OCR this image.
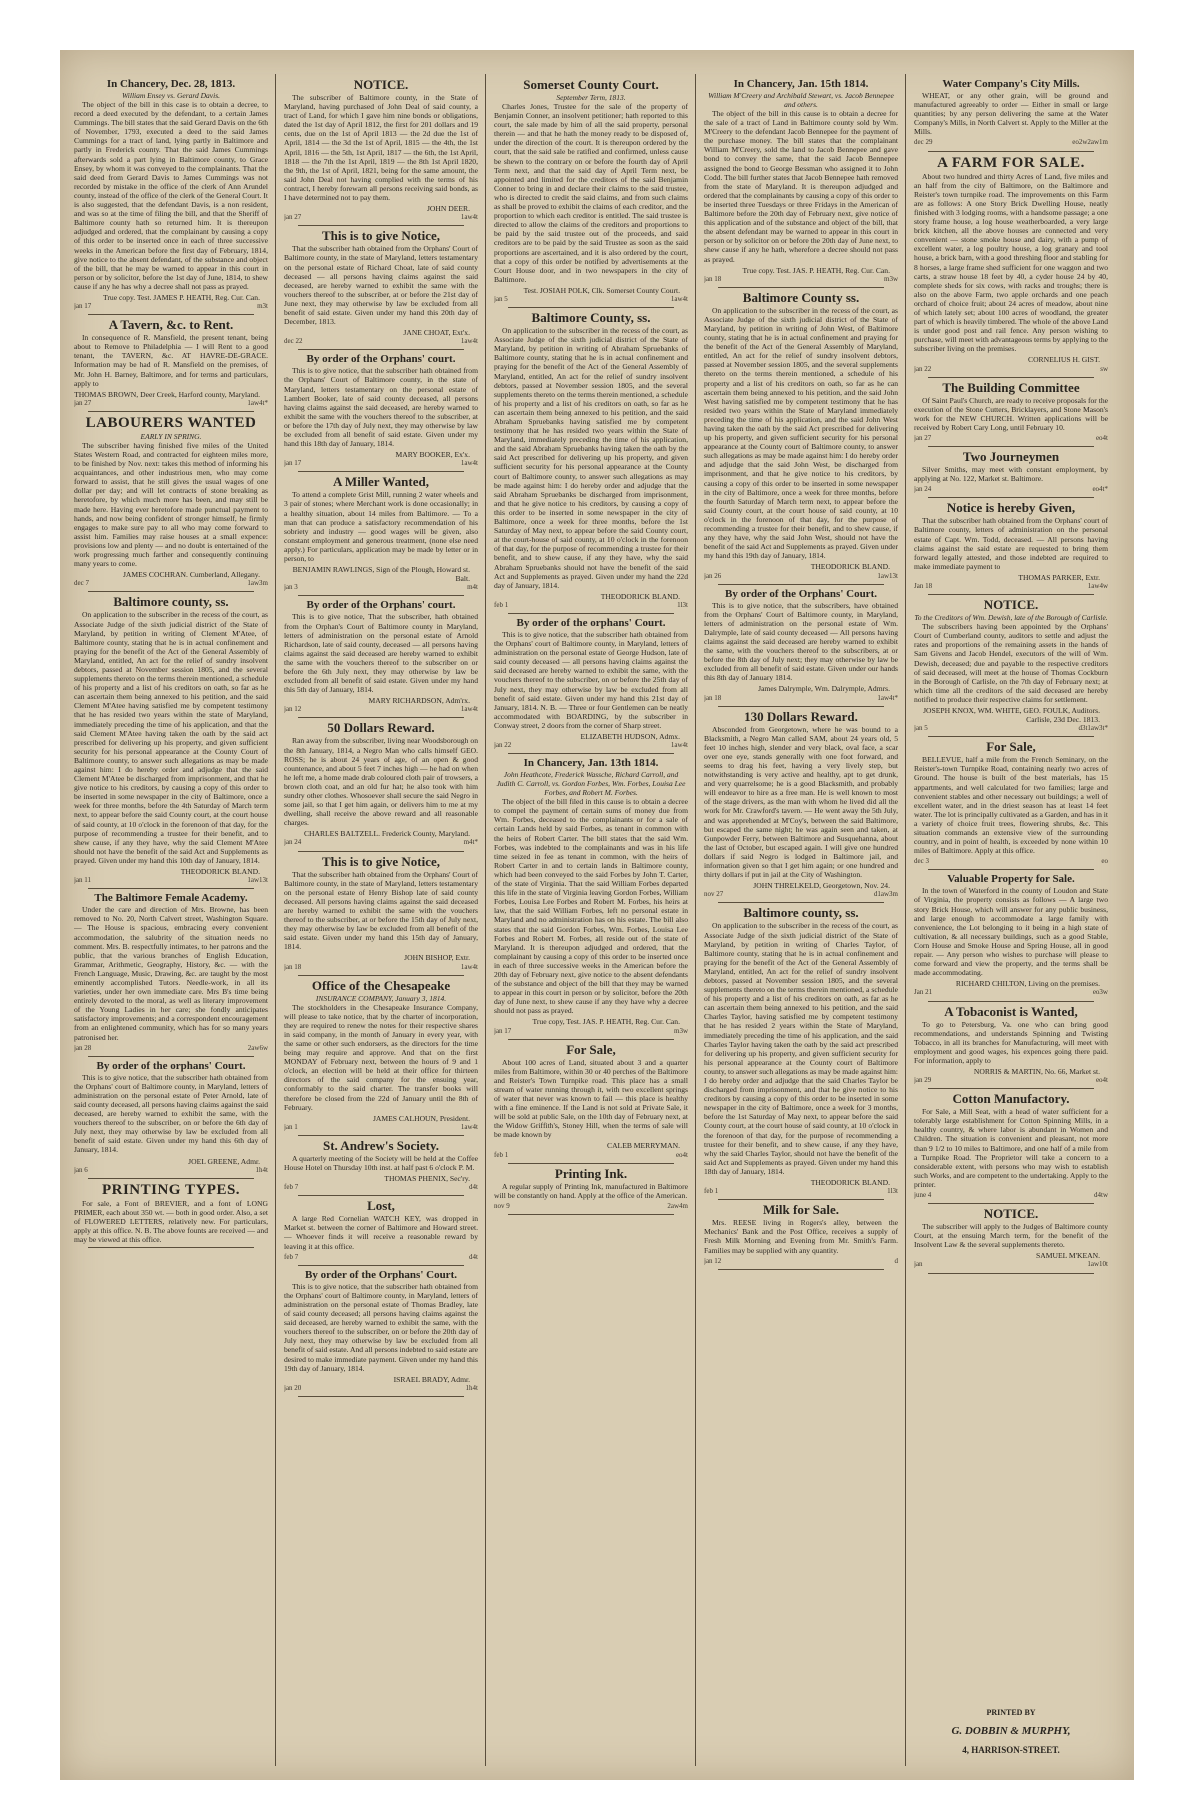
In Chancery, Dec. 28, 1813.
William Ensey vs. Gerard Davis.

The object of the bill in this case is to obtain a decree, to record a deed executed by the defendant, to a certain James Cummings. The bill states that the said Gerard Davis on the 6th of November, 1793, executed a deed to the said James Cummings for a tract of land, lying partly in Baltimore and partly in Frederick county. That the said James Cummings afterwards sold a part lying in Baltimore county, to Grace Ensey, by whom it was conveyed to the complainants. That the said deed from Gerard Davis to James Cummings was not recorded by mistake in the office of the clerk of Ann Arundel county, instead of the office of the clerk of the General Court. It is also suggested, that the defendant Davis, is a non resident, and was so at the time of filing the bill, and that the Sheriff of Baltimore county hath so returned him. It is thereupon adjudged and ordered, that the complainant by causing a copy of this order to be inserted once in each of three successive weeks in the American before the first day of February, 1814, give notice to the absent defendant, of the substance and object of the bill, that he may be warned to appear in this court in person or by solicitor, before the 1st day of June, 1814, to shew cause if any he has why a decree shall not pass as prayed.

True copy. Test. JAMES P. HEATH, Reg. Cur. Can.
jan 17	m3t
A Tavern, &c. to Rent.

In consequence of R. Mansfield, the present tenant, being about to Remove to Philadelphia — I will Rent to a good tenant, the TAVERN, &c. AT HAVRE-DE-GRACE. Information may be had of R. Mansfield on the premises, of Mr. John H. Barney, Baltimore, and for terms and particulars, apply to

THOMAS BROWN, Deer Creek, Harford county, Maryland.
jan 27	1aw4t*
LABOURERS WANTED
EARLY IN SPRING.

The subscriber having finished five miles of the United States Western Road, and contracted for eighteen miles more, to be finished by Nov. next: takes this method of informing his acquaintances, and other industrious men, who may come forward to assist, that he still gives the usual wages of one dollar per day; and will let contracts of stone breaking as heretofore, by which much more has been, and may still be made here. Having ever heretofore made punctual payment to hands, and now being confident of stronger himself, he firmly engages to make sure pay to all who may come forward to assist him. Families may raise houses at a small expence: provisions low and plenty — and no doubt is entertained of the work progressing much farther and consequently continuing many years to come.

JAMES COCHRAN. Cumberland, Allegany.
dec 7	1aw3m
Baltimore county, ss.

On application to the subscriber in the recess of the court, as Associate Judge of the sixth judicial district of the State of Maryland, by petition in writing of Clement M'Atee, of Baltimore county, stating that he is in actual confinement and praying for the benefit of the Act of the General Assembly of Maryland, entitled, An act for the relief of sundry insolvent debtors, passed at November session 1805, and the several supplements thereto on the terms therein mentioned, a schedule of his property and a list of his creditors on oath, so far as he can ascertain them being annexed to his petition, and the said Clement M'Atee having satisfied me by competent testimony that he has resided two years within the state of Maryland, immediately preceding the time of his application, and that the said Clement M'Atee having taken the oath by the said act prescribed for delivering up his property, and given sufficient security for his personal appearance at the County Court of Baltimore county, to answer such allegations as may be made against him: I do hereby order and adjudge that the said Clement M'Atee be discharged from imprisonment, and that he give notice to his creditors, by causing a copy of this order to be inserted in some newspaper in the city of Baltimore, once a week for three months, before the 4th Saturday of March term next, to appear before the said County court, at the court house of said county, at 10 o'clock in the forenoon of that day, for the purpose of recommending a trustee for their benefit, and to shew cause, if any they have, why the said Clement M'Atee should not have the benefit of the said Act and Supplements as prayed. Given under my hand this 10th day of January, 1814.

THEODORICK BLAND.
jan 11	1aw13t
The Baltimore Female Academy.

Under the care and direction of Mrs. Browne, has been removed to No. 20, North Calvert street, Washington Square. — The House is spacious, embracing every convenient accommodation, the salubrity of the situation needs no comment. Mrs. B. respectfully intimates, to her patrons and the public, that the various branches of English Education, Grammar, Arithmetic, Geography, History, &c. — with the French Language, Music, Drawing, &c. are taught by the most eminently accomplished Tutors. Needle-work, in all its varieties, under her own immediate care. Mrs B's time being entirely devoted to the moral, as well as literary improvement of the Young Ladies in her care; she fondly anticipates satisfactory improvements; and a correspondent encouragement from an enlightened community, which has for so many years patronised her.

jan 28	2aw6w
By order of the orphans' Court.

This is to give notice, that the subscriber hath obtained from the Orphans' court of Baltimore county, in Maryland, letters of administration on the personal estate of Peter Arnold, late of said county deceased, all persons having claims against the said deceased, are hereby warned to exhibit the same, with the vouchers thereof to the subscriber, on or before the 6th day of July next, they may otherwise by law be excluded from all benefit of said estate. Given under my hand this 6th day of January, 1814.

JOEL GREENE, Admr.
jan 6	1h4t
PRINTING TYPES.

For sale, a Font of BREVIER, and a font of LONG PRIMER, each about 350 wt. — both in good order. Also, a set of FLOWERED LETTERS, relatively new. For particulars, apply at this office. N. B. The above founts are received — and may be viewed at this office.

NOTICE.

The subscriber of Baltimore county, in the State of Maryland, having purchased of John Deal of said county, a tract of Land, for which I gave him nine bonds or obligations, dated the 1st day of April 1812, the first for 201 dollars and 19 cents, due on the 1st of April 1813 — the 2d due the 1st of April, 1814 — the 3d the 1st of April, 1815 — the 4th, the 1st April, 1816 — the 5th, 1st April, 1817 — the 6th, the 1st April, 1818 — the 7th the 1st April, 1819 — the 8th 1st April 1820, the 9th, the 1st of April, 1821, being for the same amount, the said John Deal not having complied with the terms of his contract, I hereby forewarn all persons receiving said bonds, as I have determined not to pay them.

JOHN DEER.
jan 27	1aw4t
This is to give Notice,

That the subscriber hath obtained from the Orphans' Court of Baltimore county, in the state of Maryland, letters testamentary on the personal estate of Richard Choat, late of said county deceased — all persons having claims against the said deceased, are hereby warned to exhibit the same with the vouchers thereof to the subscriber, at or before the 21st day of June next, they may otherwise by law be excluded from all benefit of said estate. Given under my hand this 20th day of December, 1813.

JANE CHOAT, Ext'x.
dec 22	1aw4t
By order of the Orphans' court.

This is to give notice, that the subscriber hath obtained from the Orphans' Court of Baltimore county, in the state of Maryland, letters testamentary on the personal estate of Lambert Booker, late of said county deceased, all persons having claims against the said deceased, are hereby warned to exhibit the same with the vouchers thereof to the subscriber, at or before the 17th day of July next, they may otherwise by law be excluded from all benefit of said estate. Given under my hand this 18th day of January, 1814.

MARY BOOKER, Ex'x.
jan 17	1aw4t
A Miller Wanted,

To attend a complete Grist Mill, running 2 water wheels and 3 pair of stones; where Merchant work is done occasionally; in a healthy situation, about 14 miles from Baltimore. — To a man that can produce a satisfactory recommendation of his sobriety and industry — good wages will be given, also constant employment and generous treatment, (none else need apply.) For particulars, application may be made by letter or in person, to

BENJAMIN RAWLINGS, Sign of the Plough, Howard st. Balt.
jan 3	m4t
By order of the Orphans' court.

This is to give notice, That the subscriber, hath obtained from the Orphan's Court of Baltimore county in Maryland, letters of administration on the personal estate of Arnold Richardson, late of said county, deceased — all persons having claims against the said deceased are hereby warned to exhibit the same with the vouchers thereof to the subscriber on or before the 6th July next, they may otherwise by law be excluded from all benefit of said estate. Given under my hand this 5th day of January, 1814.

MARY RICHARDSON, Adm'rx.
jan 12	1aw4t
50 Dollars Reward.

Ran away from the subscriber, living near Woodsborough on the 8th January, 1814, a Negro Man who calls himself GEO. ROSS; he is about 24 years of age, of an open & good countenance, and about 5 feet 7 inches high — he had on when he left me, a home made drab coloured cloth pair of trowsers, a brown cloth coat, and an old fur hat; he also took with him sundry other clothes. Whosoever shall secure the said Negro in some jail, so that I get him again, or delivers him to me at my dwelling, shall receive the above reward and all reasonable charges.

CHARLES BALTZELL. Frederick County, Maryland.
jan 24	m4t*
This is to give Notice,

That the subscriber hath obtained from the Orphans' Court of Baltimore county, in the state of Maryland, letters testamentary on the personal estate of Henry Bishop late of said county deceased. All persons having claims against the said deceased are hereby warned to exhibit the same with the vouchers thereof to the subscriber, at or before the 15th day of July next, they may otherwise by law be excluded from all benefit of the said estate. Given under my hand this 15th day of January, 1814.

JOHN BISHOP, Extr.
jan 18	1aw4t
Office of the Chesapeake
INSURANCE COMPANY, January 3, 1814.

The stockholders in the Chesapeake Insurance Company, will please to take notice, that by the charter of incorporation, they are required to renew the notes for their respective shares in said company, in the month of January in every year, with the same or other such endorsers, as the directors for the time being may require and approve. And that on the first MONDAY of February next, between the hours of 9 and 1 o'clock, an election will be held at their office for thirteen directors of the said company for the ensuing year, conformably to the said charter. The transfer books will therefore be closed from the 22d of January until the 8th of February.

JAMES CALHOUN, President.
jan 1	1aw4t
St. Andrew's Society.

A quarterly meeting of the Society will be held at the Coffee House Hotel on Thursday 10th inst. at half past 6 o'clock P. M.

THOMAS PHENIX, Sec'ry.
feb 7	d4t
Lost,

A large Red Cornelian WATCH KEY, was dropped in Market st. between the corner of Baltimore and Howard street. — Whoever finds it will receive a reasonable reward by leaving it at this office.

feb 7	d4t
By order of the Orphans' Court.

This is to give notice, that the subscriber hath obtained from the Orphans' court of Baltimore county, in Maryland, letters of administration on the personal estate of Thomas Bradley, late of said county deceased; all persons having claims against the said deceased, are hereby warned to exhibit the same, with the vouchers thereof to the subscriber, on or before the 20th day of July next, they may otherwise by law be excluded from all benefit of said estate. And all persons indebted to said estate are desired to make immediate payment. Given under my hand this 19th day of January, 1814.

ISRAEL BRADY, Admr.
jan 20	1h4t
Somerset County Court.
September Term, 1813.

Charles Jones, Trustee for the sale of the property of Benjamin Conner, an insolvent petitioner; hath reported to this court, the sale made by him of all the said property, personal therein — and that he hath the money ready to be disposed of, under the direction of the court. It is thereupon ordered by the court, that the said sale be ratified and confirmed, unless cause be shewn to the contrary on or before the fourth day of April Term next, and that the said day of April Term next, be appointed and limited for the creditors of the said Benjamin Conner to bring in and declare their claims to the said trustee, who is directed to credit the said claims, and from such claims as shall be proved to exhibit the claims of each creditor, and the proportion to which each creditor is entitled. The said trustee is directed to allow the claims of the creditors and proportions to be paid by the said trustee out of the proceeds, and said creditors are to be paid by the said Trustee as soon as the said proportions are ascertained, and it is also ordered by the court, that a copy of this order be notified by advertisements at the Court House door, and in two newspapers in the city of Baltimore.

Test. JOSIAH POLK, Clk. Somerset County Court.
jan 5	1aw4t
Baltimore County, ss.

On application to the subscriber in the recess of the court, as Associate Judge of the sixth judicial district of the State of Maryland, by petition in writing of Abraham Spruebanks of Baltimore county, stating that he is in actual confinement and praying for the benefit of the Act of the General Assembly of Maryland, entitled, An act for the relief of sundry insolvent debtors, passed at November session 1805, and the several supplements thereto on the terms therein mentioned, a schedule of his property and a list of his creditors on oath, so far as he can ascertain them being annexed to his petition, and the said Abraham Spruebanks having satisfied me by competent testimony that he has resided two years within the State of Maryland, immediately preceding the time of his application, and the said Abraham Spruebanks having taken the oath by the said Act prescribed for delivering up his property, and given sufficient security for his personal appearance at the County court of Baltimore county, to answer such allegations as may be made against him: I do hereby order and adjudge that the said Abraham Spruebanks be discharged from imprisonment, and that he give notice to his creditors, by causing a copy of this order to be inserted in some newspaper in the city of Baltimore, once a week for three months, before the 1st Saturday of May next, to appear before the said County court, at the court-house of said county, at 10 o'clock in the forenoon of that day, for the purpose of recommending a trustee for their benefit, and to shew cause, if any they have, why the said Abraham Spruebanks should not have the benefit of the said Act and Supplements as prayed. Given under my hand the 22d day of January, 1814.

THEODORICK BLAND.
feb 1	1l3t
By order of the orphans' Court.

This is to give notice, that the subscriber hath obtained from the Orphans' court of Baltimore county, in Maryland, letters of administration on the personal estate of George Hudson, late of said county deceased — all persons having claims against the said deceased are hereby warned to exhibit the same, with the vouchers thereof to the subscriber, on or before the 25th day of July next, they may otherwise by law be excluded from all benefit of said estate. Given under my hand this 21st day of January, 1814. N. B. — Three or four Gentlemen can be neatly accommodated with BOARDING, by the subscriber in Conway street, 2 doors from the corner of Sharp street.

ELIZABETH HUDSON, Admx.
jan 22	1aw4t
In Chancery, Jan. 13th 1814.
John Heathcote, Frederick Wassche, Richard Carroll, and Judith C. Carroll, vs. Gordon Forbes, Wm. Forbes, Louisa Lee Forbes, and Robert M. Forbes.

The object of the bill filed in this cause is to obtain a decree to compel the payment of certain sums of money due from Wm. Forbes, deceased to the complainants or for a sale of certain Lands held by said Forbes, as tenant in common with the heirs of Robert Carter. The bill states that the said Wm. Forbes, was indebted to the complainants and was in his life time seized in fee as tenant in common, with the heirs of Robert Carter in and to certain lands in Baltimore county, which had been conveyed to the said Forbes by John T. Carter, of the state of Virginia. That the said William Forbes departed this life in the state of Virginia leaving Gordon Forbes, William Forbes, Louisa Lee Forbes and Robert M. Forbes, his heirs at law, that the said William Forbes, left no personal estate in Maryland and no administration has on his estate. The bill also states that the said Gordon Forbes, Wm. Forbes, Louisa Lee Forbes and Robert M. Forbes, all reside out of the state of Maryland. It is thereupon adjudged and ordered, that the complainant by causing a copy of this order to be inserted once in each of three successive weeks in the American before the 20th day of February next, give notice to the absent defendants of the substance and object of the bill that they may be warned to appear in this court in person or by solicitor, before the 20th day of June next, to shew cause if any they have why a decree should not pass as prayed.

True copy, Test. JAS. P. HEATH, Reg. Cur. Can.
jan 17	m3w
For Sale,

About 100 acres of Land, situated about 3 and a quarter miles from Baltimore, within 30 or 40 perches of the Baltimore and Reister's Town Turnpike road. This place has a small stream of water running through it, with two excellent springs of water that never was known to fail — this place is healthy with a fine eminence. If the Land is not sold at Private Sale, it will be sold at public Sale, on the 10th day of February next, at the Widow Griffith's, Stoney Hill, when the terms of sale will be made known by

CALEB MERRYMAN.
feb 1	eo4t
Printing Ink.

A regular supply of Printing Ink, manufactured in Baltimore will be constantly on hand. Apply at the office of the American.

nov 9	2aw4m
In Chancery, Jan. 15th 1814.
William M'Creery and Archibald Stewart, vs. Jacob Bennepee and others.

The object of the bill in this cause is to obtain a decree for the sale of a tract of Land in Baltimore county sold by Wm. M'Creery to the defendant Jacob Bennepee for the payment of the purchase money. The bill states that the complainant William M'Creery, sold the land to Jacob Bennepee and gave bond to convey the same, that the said Jacob Bennepee assigned the bond to George Bessman who assigned it to John Codd. The bill further states that Jacob Bennepee hath removed from the state of Maryland. It is thereupon adjudged and ordered that the complainants by causing a copy of this order to be inserted three Tuesdays or three Fridays in the American of Baltimore before the 20th day of February next, give notice of this application and of the substance and object of the bill, that the absent defendant may be warned to appear in this court in person or by solicitor on or before the 20th day of June next, to shew cause if any he hath, wherefore a decree should not pass as prayed.

True copy. Test. JAS. P. HEATH, Reg. Cur. Can.
jan 18	m3w
Baltimore County ss.

On application to the subscriber in the recess of the court, as Associate Judge of the sixth judicial district of the State of Maryland, by petition in writing of John West, of Baltimore county, stating that he is in actual confinement and praying for the benefit of the Act of the General Assembly of Maryland, entitled, An act for the relief of sundry insolvent debtors, passed at November session 1805, and the several supplements thereto on the terms therein mentioned, a schedule of his property and a list of his creditors on oath, so far as he can ascertain them being annexed to his petition, and the said John West having satisfied me by competent testimony that he has resided two years within the State of Maryland immediately preceding the time of his application, and the said John West having taken the oath by the said Act prescribed for delivering up his property, and given sufficient security for his personal appearance at the County court of Baltimore county, to answer such allegations as may be made against him: I do hereby order and adjudge that the said John West, be discharged from imprisonment, and that he give notice to his creditors, by causing a copy of this order to be inserted in some newspaper in the city of Baltimore, once a week for three months, before the fourth Saturday of March term next, to appear before the said County court, at the court house of said county, at 10 o'clock in the forenoon of that day, for the purpose of recommending a trustee for their benefit, and to shew cause, if any they have, why the said John West, should not have the benefit of the said Act and Supplements as prayed. Given under my hand this 19th day of January, 1814.

THEODORICK BLAND.
jan 26	1aw13t
By order of the Orphans' Court.

This is to give notice, that the subscribers, have obtained from the Orphans' Court of Baltimore county, in Maryland, letters of administration on the personal estate of Wm. Dalrymple, late of said county deceased — All persons having claims against the said deceased are hereby warned to exhibit the same, with the vouchers thereof to the subscribers, at or before the 8th day of July next; they may otherwise by law be excluded from all benefit of said estate. Given under our hands this 8th day of January 1814.

James Dalrymple, Wm. Dalrymple, Admrs.
jan 18	1aw4t*
130 Dollars Reward.

Absconded from Georgetown, where he was bound to a Blacksmith, a Negro Man called SAM, about 24 years old, 5 feet 10 inches high, slender and very black, oval face, a scar over one eye, stands generally with one foot forward, and seems to drag his feet, having a very lively step, but notwithstanding is very active and healthy, apt to get drunk, and very quarrelsome; he is a good Blacksmith, and probably will endeavor to hire as a free man. He is well known to most of the stage drivers, as the man with whom he lived did all the work for Mr. Crawford's tavern. — He went away the 5th July, and was apprehended at M'Coy's, between the said Baltimore, but escaped the same night; he was again seen and taken, at Gunpowder Ferry, between Baltimore and Susquehanna, about the last of October, but escaped again. I will give one hundred dollars if said Negro is lodged in Baltimore jail, and information given so that I get him again; or one hundred and thirty dollars if put in jail at the City of Washington.

JOHN THRELKELD, Georgetown, Nov. 24.
nov 27	d1aw3m
Baltimore county, ss.

On application to the subscriber in the recess of the court, as Associate Judge of the sixth judicial district of the State of Maryland, by petition in writing of Charles Taylor, of Baltimore county, stating that he is in actual confinement and praying for the benefit of the Act of the General Assembly of Maryland, entitled, An act for the relief of sundry insolvent debtors, passed at November session 1805, and the several supplements thereto on the terms therein mentioned, a schedule of his property and a list of his creditors on oath, as far as he can ascertain them being annexed to his petition, and the said Charles Taylor, having satisfied me by competent testimony that he has resided 2 years within the State of Maryland, immediately preceding the time of his application, and the said Charles Taylor having taken the oath by the said act prescribed for delivering up his property, and given sufficient security for his personal appearance at the County court of Baltimore county, to answer such allegations as may be made against him: I do hereby order and adjudge that the said Charles Taylor be discharged from imprisonment, and that he give notice to his creditors by causing a copy of this order to be inserted in some newspaper in the city of Baltimore, once a week for 3 months, before the 1st Saturday of May next, to appear before the said County court, at the court house of said county, at 10 o'clock in the forenoon of that day, for the purpose of recommending a trustee for their benefit, and to shew cause, if any they have, why the said Charles Taylor, should not have the benefit of the said Act and Supplements as prayed. Given under my hand this 18th day of January, 1814.

THEODORICK BLAND.
feb 1	1l3t
Milk for Sale.

Mrs. REESE living in Rogers's alley, between the Mechanics' Bank and the Post Office, receives a supply of Fresh Milk Morning and Evening from Mr. Smith's Farm. Families may be supplied with any quantity.

jan 12	d
Water Company's City Mills.

WHEAT, or any other grain, will be ground and manufactured agreeably to order — Either in small or large quantities; by any person delivering the same at the Water Company's Mills, in North Calvert st. Apply to the Miller at the Mills.

dec 29	eo2w2aw1m
A FARM FOR SALE.

About two hundred and thirty Acres of Land, five miles and an half from the city of Baltimore, on the Baltimore and Reister's town turnpike road. The improvements on this Farm are as follows: A one Story Brick Dwelling House, neatly finished with 3 lodging rooms, with a handsome passage; a one story frame house, a log house weatherboarded, a very large brick kitchen, all the above houses are connected and very convenient — stone smoke house and dairy, with a pump of excellent water, a log poultry house, a log granary and tool house, a brick barn, with a good threshing floor and stabling for 8 horses, a large frame shed sufficient for one waggon and two carts, a straw house 18 feet by 40, a cyder house 24 by 40, complete sheds for six cows, with racks and troughs; there is also on the above Farm, two apple orchards and one peach orchard of choice fruit; about 24 acres of meadow, about nine of which lately set; about 100 acres of woodland, the greater part of which is heavily timbered. The whole of the above Land is under good post and rail fence. Any person wishing to purchase, will meet with advantageous terms by applying to the subscriber living on the premises.

CORNELIUS H. GIST.
jan 22	sw
The Building Committee

Of Saint Paul's Church, are ready to receive proposals for the execution of the Stone Cutters, Bricklayers, and Stone Mason's work for the NEW CHURCH. Written applications will be received by Robert Cary Long, until February 10.

jan 27	eo4t
Two Journeymen

Silver Smiths, may meet with constant employment, by applying at No. 122, Market st. Baltimore.

jan 24	eo4t*
Notice is hereby Given,

That the subscriber hath obtained from the Orphans' court of Baltimore county, letters of administration on the personal estate of Capt. Wm. Todd, deceased. — All persons having claims against the said estate are requested to bring them forward legally attested, and those indebted are required to make immediate payment to

THOMAS PARKER, Extr.
Jan 18	1aw4w
NOTICE.
To the Creditors of Wm. Dewish, late of the Borough of Carlisle.

The subscribers having been appointed by the Orphans' Court of Cumberland county, auditors to settle and adjust the rates and proportions of the remaining assets in the hands of Sam Givens and Jacob Hendel, executors of the will of Wm. Dewish, deceased; due and payable to the respective creditors of said deceased, will meet at the house of Thomas Cockburn in the Borough of Carlisle, on the 7th day of February next; at which time all the creditors of the said deceased are hereby notified to produce their respective claims for settlement.

JOSEPH KNOX, WM. WHITE, GEO. FOULK, Auditors. Carlisle, 23d Dec. 1813.
jan 5	d3t1aw3t*
For Sale,

BELLEVUE, half a mile from the French Seminary, on the Reister's-town Turnpike Road, containing nearly two acres of Ground. The house is built of the best materials, has 15 appartments, and well calculated for two families; large and convenient stables and other necessary out buildings; a well of excellent water, and in the driest season has at least 14 feet water. The lot is principally cultivated as a Garden, and has in it a variety of choice fruit trees, flowering shrubs, &c. This situation commands an extensive view of the surrounding country, and in point of health, is exceeded by none within 10 miles of Baltimore. Apply at this office.

dec 3	eo
Valuable Property for Sale.

In the town of Waterford in the county of Loudon and State of Virginia, the property consists as follows — A large two story Brick House, which will answer for any public business, and large enough to accommodate a large family with convenience, the Lot belonging to it being in a high state of cultivation, & all necessary buildings, such as a good Stable, Corn House and Smoke House and Spring House, all in good repair. — Any person who wishes to purchase will please to come forward and view the property, and the terms shall be made accommodating.

RICHARD CHILTON, Living on the premises.
Jan 21	eo3w
A Tobaconist is Wanted,

To go to Petersburg, Va. one who can bring good recommendations, and understands Spinning and Twisting Tobacco, in all its branches for Manufacturing, will meet with employment and good wages, his expences going there paid. For information, apply to

NORRIS & MARTIN, No. 66, Market st.
jan 29	eo4t
Cotton Manufactory.

For Sale, a Mill Seat, with a head of water sufficient for a tolerably large establishment for Cotton Spinning Mills, in a healthy country, & where labor is abundant in Women and Children. The situation is convenient and pleasant, not more than 9 1/2 to 10 miles to Baltimore, and one half of a mile from a Turnpike Road. The Proprietor will take a concern to a considerable extent, with persons who may wish to establish such Works, and are competent to the undertaking. Apply to the printer.

june 4	d4tw
NOTICE.

The subscriber will apply to the Judges of Baltimore county Court, at the ensuing March term, for the benefit of the Insolvent Law & the several supplements thereto.

SAMUEL M'KEAN.
jan	1aw10t
PRINTED BY
G. DOBBIN & MURPHY,
4, HARRISON-STREET.
